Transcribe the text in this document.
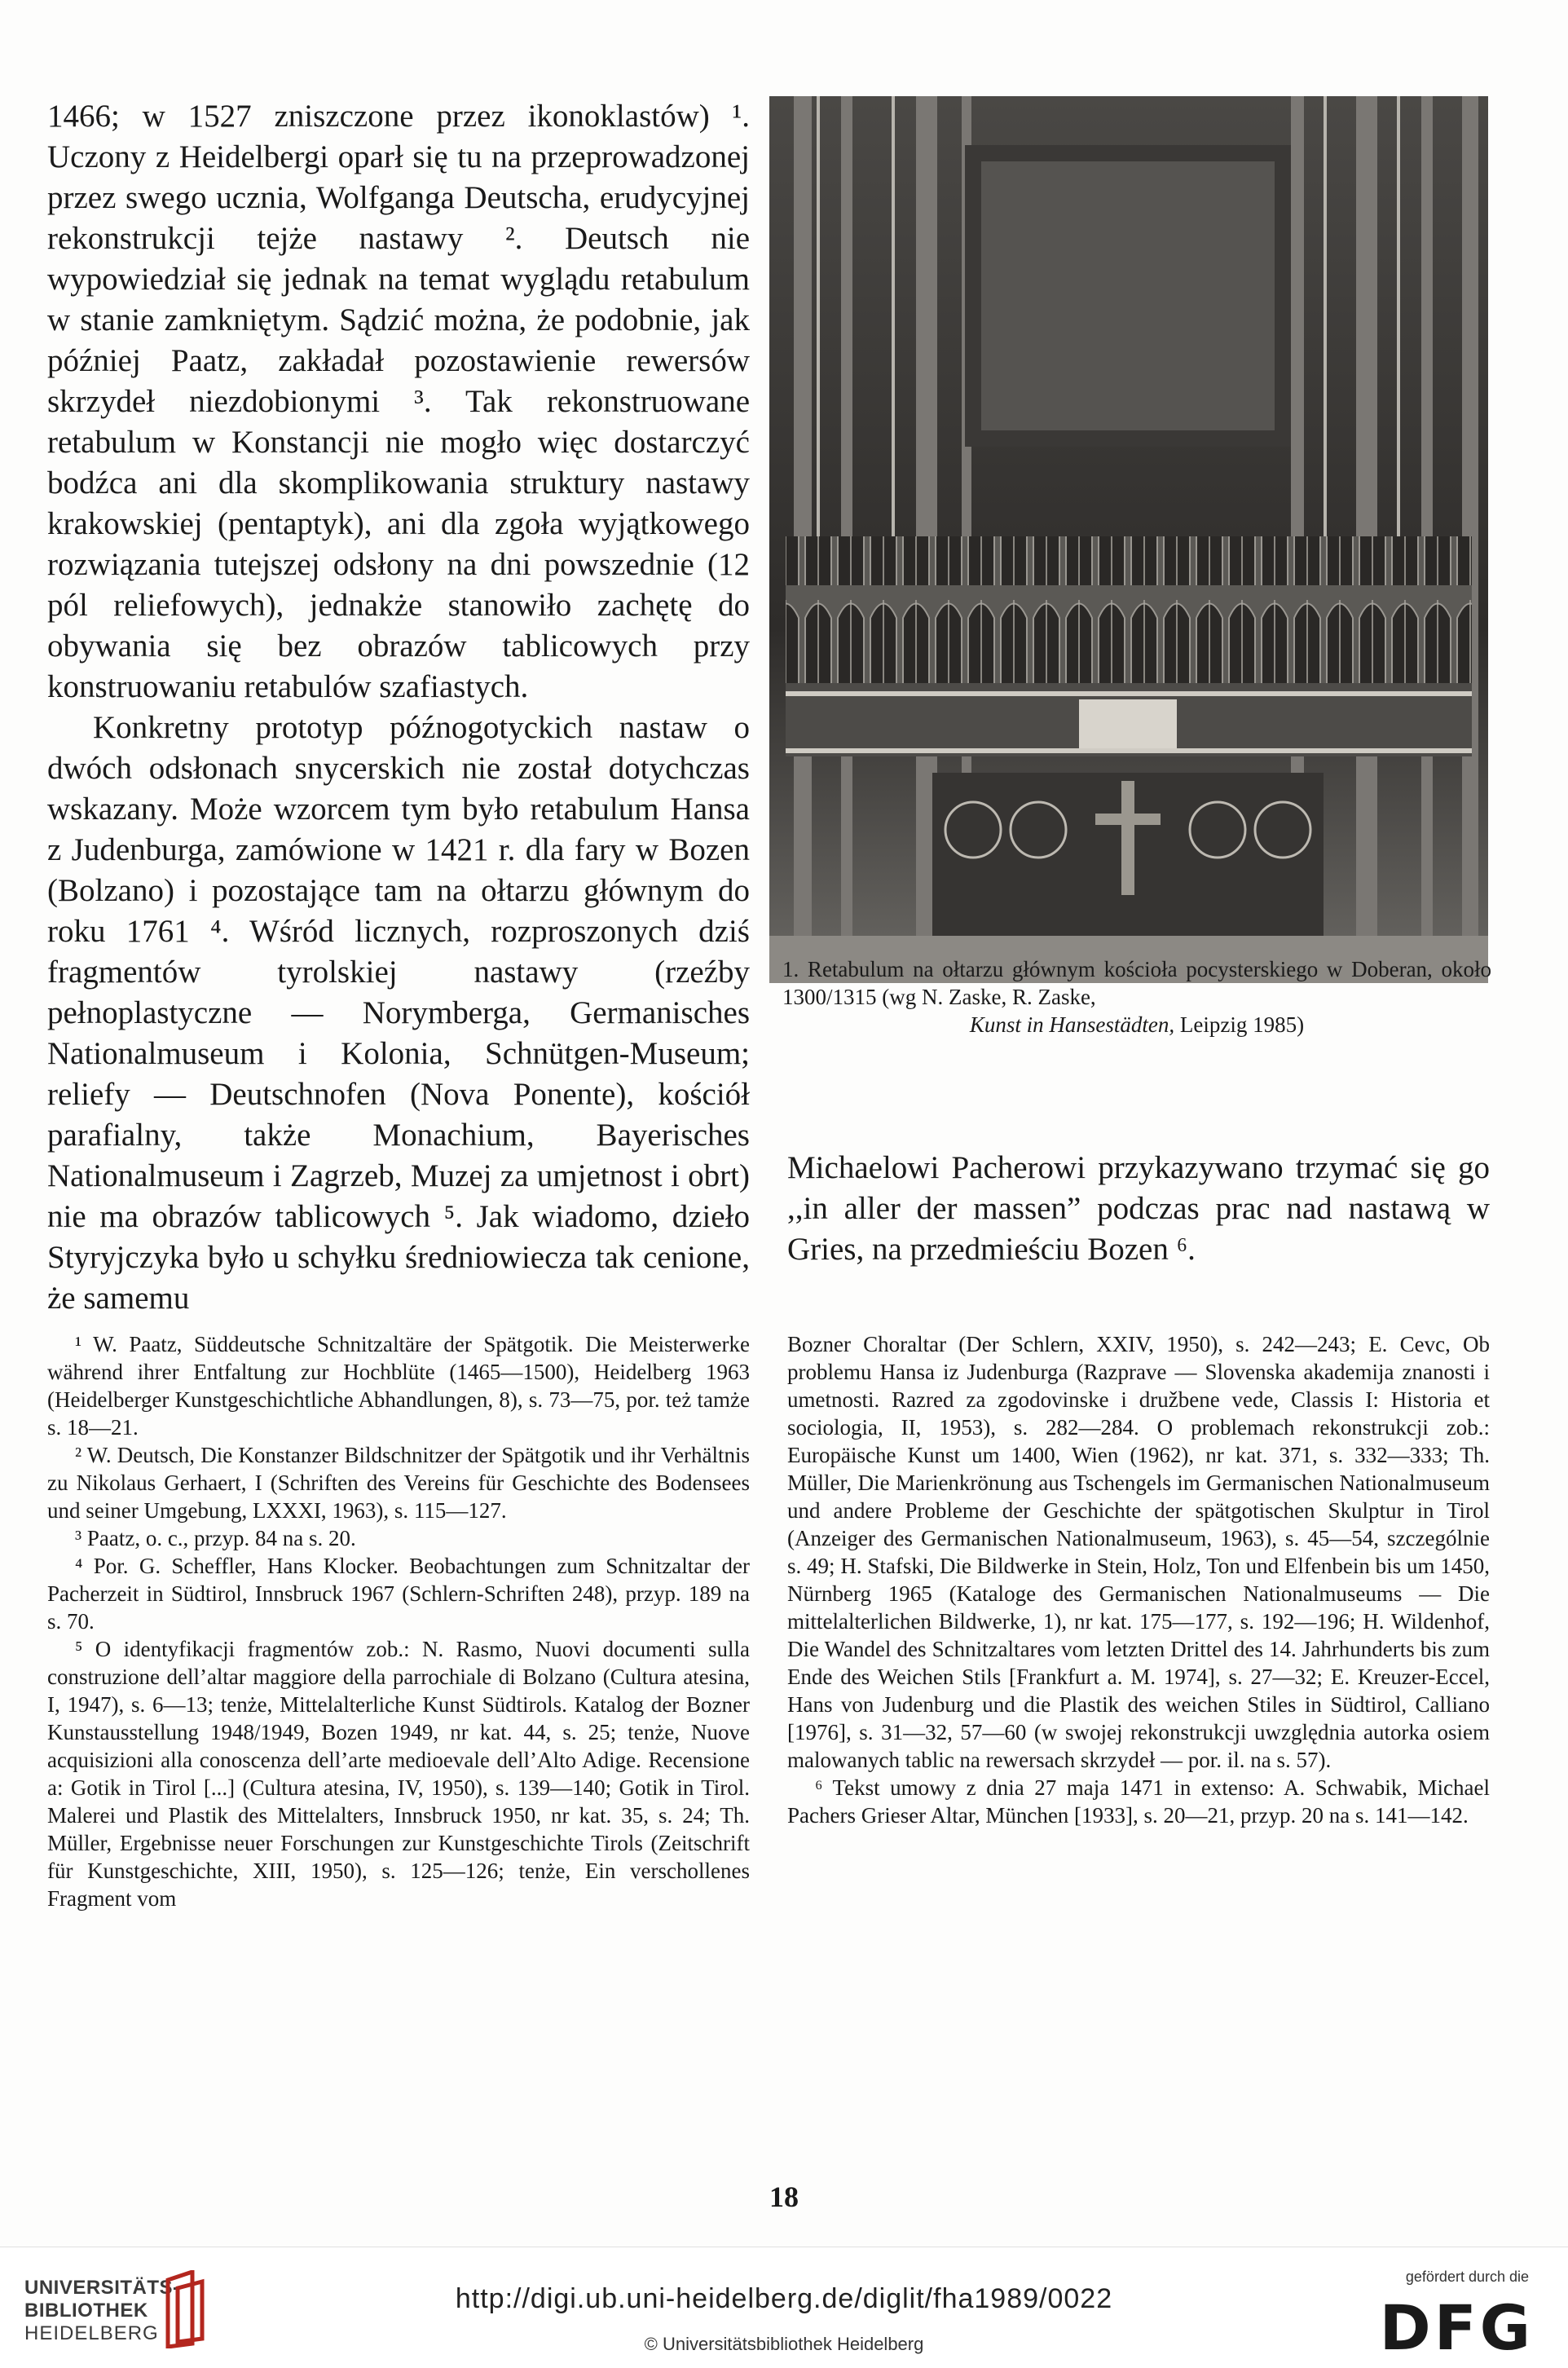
1466; w 1527 zniszczone przez ikonoklastów) ¹. Uczony z Heidelbergi oparł się tu na przeprowadzonej przez swego ucznia, Wolfganga Deutscha, erudycyjnej rekonstrukcji tejże nastawy ². Deutsch nie wypowiedział się jednak na temat wyglądu retabulum w stanie zamkniętym. Sądzić można, że podobnie, jak później Paatz, zakładał pozostawienie rewersów skrzydeł niezdobionymi ³. Tak rekonstruowane retabulum w Konstancji nie mogło więc dostarczyć bodźca ani dla skomplikowania struktury nastawy krakowskiej (pentaptyk), ani dla zgoła wyjątkowego rozwiązania tutejszej odsłony na dni powszednie (12 pól reliefowych), jednakże stanowiło zachętę do obywania się bez obrazów tablicowych przy konstruowaniu retabulów szafiastych.

Konkretny prototyp późnogotyckich nastaw o dwóch odsłonach snycerskich nie został dotychczas wskazany. Może wzorcem tym było retabulum Hansa z Judenburga, zamówione w 1421 r. dla fary w Bozen (Bolzano) i pozostające tam na ołtarzu głównym do roku 1761 ⁴. Wśród licznych, rozproszonych dziś fragmentów tyrolskiej nastawy (rzeźby pełnoplastyczne — Norymberga, Germanisches Nationalmuseum i Kolonia, Schnütgen-Museum; reliefy — Deutschnofen (Nova Ponente), kościół parafialny, także Monachium, Bayerisches Nationalmuseum i Zagrzeb, Muzej za umjetnost i obrt) nie ma obrazów tablicowych ⁵. Jak wiadomo, dzieło Styryjczyka było u schyłku średniowiecza tak cenione, że samemu

1. Retabulum na ołtarzu głównym kościoła pocysterskiego w Doberan, około 1300/1315 (wg N. Zaske, R. Zaske,
Kunst in Hansestädten, Leipzig 1985)

Michaelowi Pacherowi przykazywano trzymać się go ,,in aller der massen” podczas prac nad nastawą w Gries, na przedmieściu Bozen ⁶.

¹ W. Paatz, Süddeutsche Schnitzaltäre der Spätgotik. Die Meisterwerke während ihrer Entfaltung zur Hochblüte (1465—1500), Heidelberg 1963 (Heidelberger Kunstgeschichtliche Abhandlungen, 8), s. 73—75, por. też tamże s. 18—21.

² W. Deutsch, Die Konstanzer Bildschnitzer der Spätgotik und ihr Verhältnis zu Nikolaus Gerhaert, I (Schriften des Vereins für Geschichte des Bodensees und seiner Umgebung, LXXXI, 1963), s. 115—127.

³ Paatz, o. c., przyp. 84 na s. 20.

⁴ Por. G. Scheffler, Hans Klocker. Beobachtungen zum Schnitzaltar der Pacherzeit in Südtirol, Innsbruck 1967 (Schlern-Schriften 248), przyp. 189 na s. 70.

⁵ O identyfikacji fragmentów zob.: N. Rasmo, Nuovi documenti sulla construzione dell’altar maggiore della parrochiale di Bolzano (Cultura atesina, I, 1947), s. 6—13; tenże, Mittelalterliche Kunst Südtirols. Katalog der Bozner Kunstausstellung 1948/1949, Bozen 1949, nr kat. 44, s. 25; tenże, Nuove acquisizioni alla conoscenza dell’arte medioevale dell’Alto Adige. Recensione a: Gotik in Tirol [...] (Cultura atesina, IV, 1950), s. 139—140; Gotik in Tirol. Malerei und Plastik des Mittelalters, Innsbruck 1950, nr kat. 35, s. 24; Th. Müller, Ergebnisse neuer Forschungen zur Kunstgeschichte Tirols (Zeitschrift für Kunstgeschichte, XIII, 1950), s. 125—126; tenże, Ein verschollenes Fragment vom

Bozner Choraltar (Der Schlern, XXIV, 1950), s. 242—243; E. Cevc, Ob problemu Hansa iz Judenburga (Razprave — Slovenska akademija znanosti i umetnosti. Razred za zgodovinske i družbene vede, Classis I: Historia et sociologia, II, 1953), s. 282—284. O problemach rekonstrukcji zob.: Europäische Kunst um 1400, Wien (1962), nr kat. 371, s. 332—333; Th. Müller, Die Marienkrönung aus Tschengels im Germanischen Nationalmuseum und andere Probleme der Geschichte der spätgotischen Skulptur in Tirol (Anzeiger des Germanischen Nationalmuseum, 1963), s. 45—54, szczególnie s. 49; H. Stafski, Die Bildwerke in Stein, Holz, Ton und Elfenbein bis um 1450, Nürnberg 1965 (Kataloge des Germanischen Nationalmuseums — Die mittelalterlichen Bildwerke, 1), nr kat. 175—177, s. 192—196; H. Wildenhof, Die Wandel des Schnitzaltares vom letzten Drittel des 14. Jahrhunderts bis zum Ende des Weichen Stils [Frankfurt a. M. 1974], s. 27—32; E. Kreuzer-Eccel, Hans von Judenburg und die Plastik des weichen Stiles in Südtirol, Calliano [1976], s. 31—32, 57—60 (w swojej rekonstrukcji uwzględnia autorka osiem malowanych tablic na rewersach skrzydeł — por. il. na s. 57).

⁶ Tekst umowy z dnia 27 maja 1471 in extenso: A. Schwabik, Michael Pachers Grieser Altar, München [1933], s. 20—21, przyp. 20 na s. 141—142.

18
UNIVERSITÄTS-
BIBLIOTHEK
HEIDELBERG
http://digi.ub.uni-heidelberg.de/diglit/fha1989/0022
© Universitätsbibliothek Heidelberg
gefördert durch die
DFG
